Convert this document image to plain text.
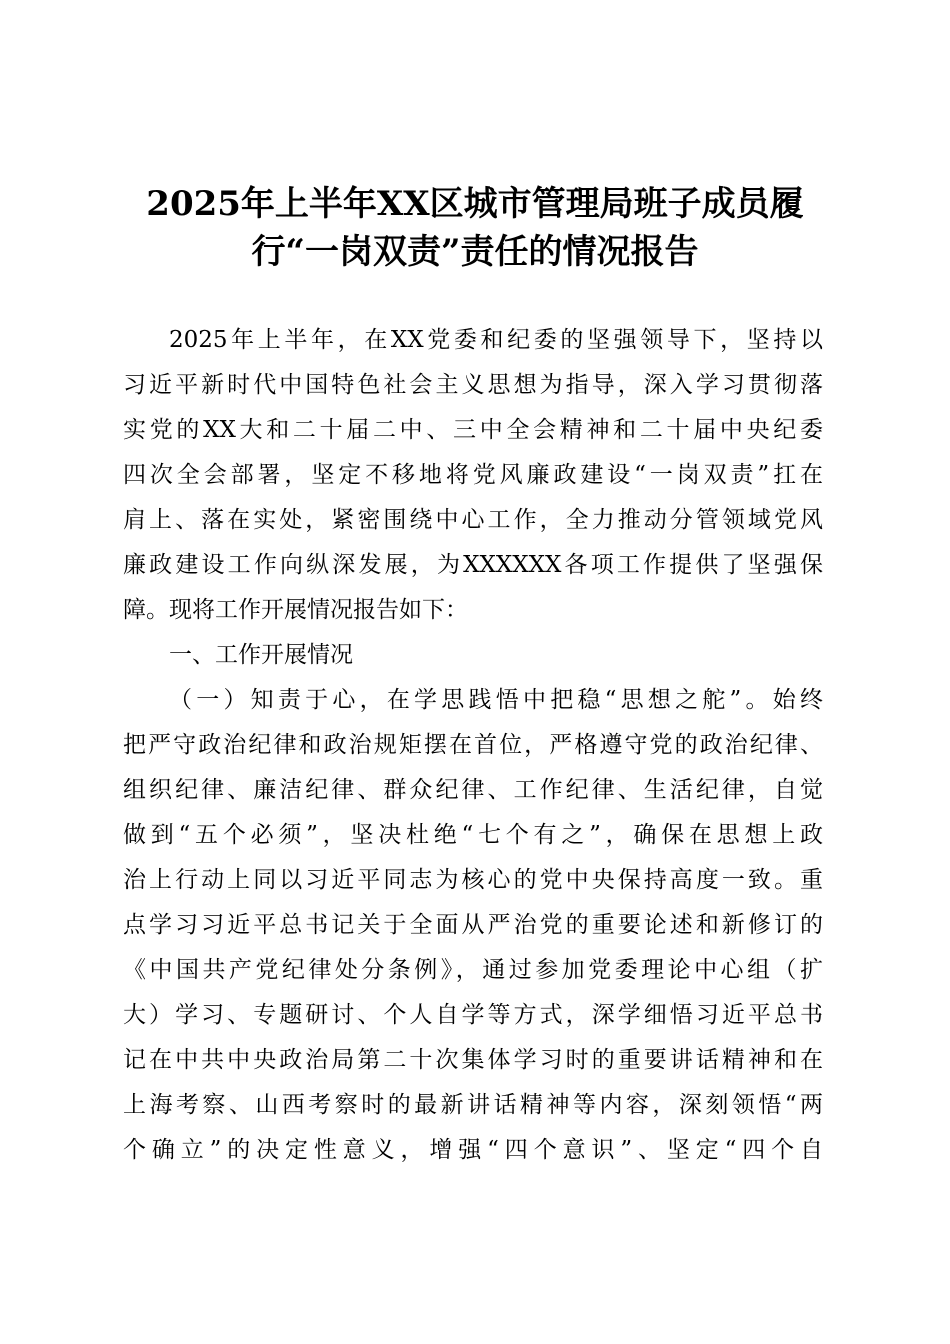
2025年上半年XX区城市管理局班子成员履
行“一岗双责”责任的情况报告
2025年上半年，在XX党委和纪委的坚强领导下，坚持以
习近平新时代中国特色社会主义思想为指导，深入学习贯彻落
实党的XX大和二十届二中、三中全会精神和二十届中央纪委
四次全会部署，坚定不移地将党风廉政建设“一岗双责”扛在
肩上、落在实处，紧密围绕中心工作，全力推动分管领域党风
廉政建设工作向纵深发展，为XXXXXX各项工作提供了坚强保
障。现将工作开展情况报告如下：
一、工作开展情况
（一）知责于心，在学思践悟中把稳“思想之舵”。始终
把严守政治纪律和政治规矩摆在首位，严格遵守党的政治纪律、
组织纪律、廉洁纪律、群众纪律、工作纪律、生活纪律，自觉
做到“五个必须”，坚决杜绝“七个有之”，确保在思想上政
治上行动上同以习近平同志为核心的党中央保持高度一致。重
点学习习近平总书记关于全面从严治党的重要论述和新修订的
《中国共产党纪律处分条例》，通过参加党委理论中心组（扩
大）学习、专题研讨、个人自学等方式，深学细悟习近平总书
记在中共中央政治局第二十次集体学习时的重要讲话精神和在
上海考察、山西考察时的最新讲话精神等内容，深刻领悟“两
个确立”的决定性意义，增强“四个意识”、坚定“四个自
